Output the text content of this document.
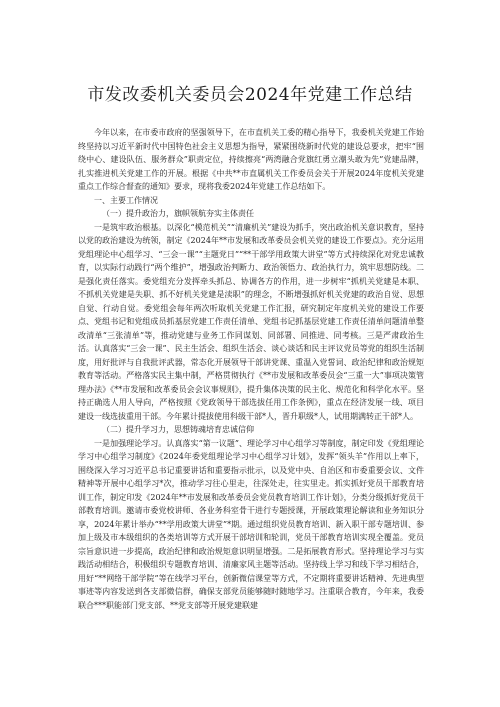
市发改委机关委员会2024年党建工作总结

今年以来，在市委市政府的坚强领导下，在市直机关工委的精心指导下，我委机关党建工作始终坚持以习近平新时代中国特色社会主义思想为指导，紧紧围绕新时代党的建设总要求，把牢“围绕中心、建设队伍、服务群众”职责定位，持续擦亮“两湾融合党旗红勇立潮头敢为先”党建品牌，扎实推进机关党建工作的开展。根据《中共**市直属机关工作委员会关于开展2024年度机关党建重点工作综合督查的通知》要求，现将我委2024年党建工作总结如下。

一、主要工作情况

（一）提升政治力，旗帜领航夯实主体责任

一是筑牢政治根基。以深化“模范机关”“清廉机关”建设为抓手，突出政治机关意识教育，坚持以党的政治建设为统领，制定《2024年**市发展和改革委员会机关党的建设工作要点》。充分运用党组理论中心组学习、“三会一课”“主题党日”“**干部学用政策大讲堂”等方式持续深化对党忠诚教育，以实际行动践行“两个维护”，增强政治判断力、政治领悟力、政治执行力，筑牢思想防线。二是强化责任落实。委党组充分发挥牵头抓总、协调各方的作用，进一步树牢“抓机关党建是本职、不抓机关党建是失职、抓不好机关党建是渎职”的理念，不断增强抓好机关党建的政治自觉、思想自觉、行动自觉。委党组会每年两次听取机关党建工作汇报，研究制定年度机关党的建设工作要点、党组书记和党组成员抓基层党建工作责任清单、党组书记抓基层党建工作责任清单问题清单整改清单“三张清单”等，推动党建与业务工作同谋划、同部署、同推进、同考核。三是严肃政治生活。认真落实“三会一课”、民主生活会、组织生活会、谈心谈话和民主评议党员等党的组织生活制度，用好批评与自我批评武器，常态化开展领导干部讲党课、重温入党誓词、政治纪律和政治规矩教育等活动。严格落实民主集中制，严格贯彻执行《**市发展和改革委员会“三重一大”事项决策管理办法》《**市发展和改革委员会会议事规则》，提升集体决策的民主化、规范化和科学化水平。坚持正确选人用人导向，严格按照《党政领导干部选拔任用工作条例》，重点在经济发展一线、项目建设一线选拔重用干部。今年累计提拔使用科级干部*人，晋升职级*人，试用期满转正干部*人。

（二）提升学习力，思想铸魂培育忠诚信仰

一是加强理论学习。认真落实“第一议题”、理论学习中心组学习等制度，制定印发《党组理论学习中心组学习制度》《2024年委党组理论学习中心组学习计划》，发挥“领头羊”作用以上率下，围绕深入学习习近平总书记重要讲话和重要指示批示，以及党中央、自治区和市委重要会议、文件精神等开展中心组学习*次，推动学习往心里走，往深处走，往实里走。抓实抓好党员干部教育培训工作，制定印发《2024年**市发展和改革委员会党员教育培训工作计划》，分类分级抓好党员干部教育培训。邀请市委党校讲师、各业务科室骨干进行专题授课，开展政策理论解读和业务知识分享，2024年累计举办“**学用政策大讲堂”*期。通过组织党员教育培训、新入职干部专题培训、参加上级及市本级组织的各类培训等方式开展干部培训和轮训，党员干部教育培训实现全覆盖。党员宗旨意识进一步提高，政治纪律和政治规矩意识明显增强。二是拓展教育形式。坚持理论学习与实践活动相结合，积极组织专题教育培训、清廉家风主题等活动。坚持线上学习和线下学习相结合，用好“**网络干部学院”等在线学习平台，创新微信课堂等方式，不定期将重要讲话精神、先进典型事迹等内容发送到各支部微信群，确保支部党员能够随时随地学习。注重联合教育，今年来，我委联合***职能部门党支部、**党支部等开展党建联建
